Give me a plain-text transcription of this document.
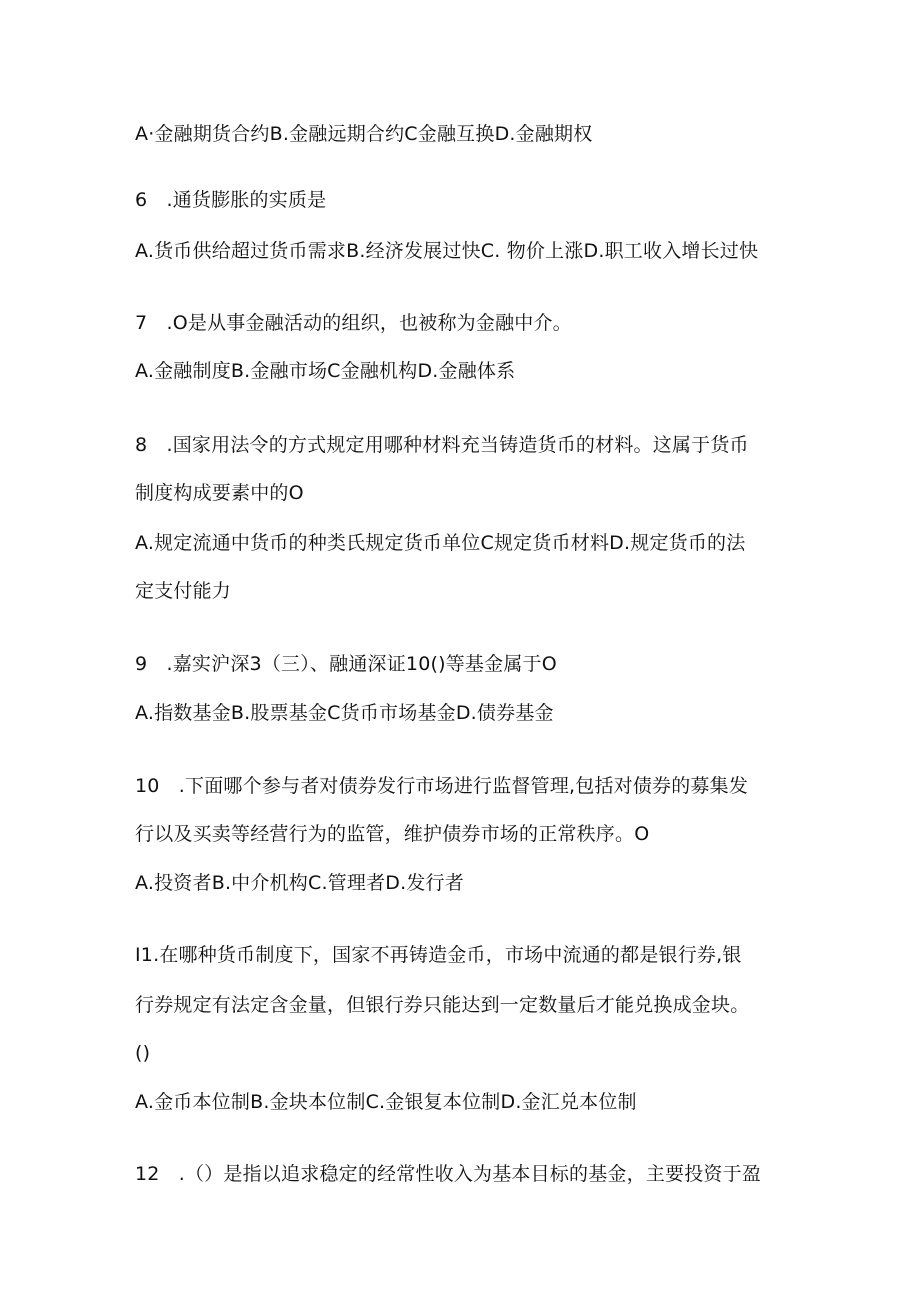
A·金融期货合约B.金融远期合约C金融互换D.金融期权
6　.通货膨胀的实质是
A.货币供给超过货币需求B.经济发展过快C. 物价上涨D.职工收入增长过快
7　.O是从事金融活动的组织，也被称为金融中介。
A.金融制度B.金融市场C金融机构D.金融体系
8　.国家用法令的方式规定用哪种材料充当铸造货币的材料。这属于货币
制度构成要素中的O
A.规定流通中货币的种类氏规定货币单位C规定货币材料D.规定货币的法
定支付能力
9　.嘉实沪深3（三）、融通深证10()等基金属于O
A.指数基金B.股票基金C货币市场基金D.债券基金
10　.下面哪个参与者对债券发行市场进行监督管理,包括对债券的募集发
行以及买卖等经营行为的监管，维护债券市场的正常秩序。O
A.投资者B.中介机构C.管理者D.发行者
I1.在哪种货币制度下，国家不再铸造金币，市场中流通的都是银行券,银
行券规定有法定含金量，但银行券只能达到一定数量后才能兑换成金块。
()
A.金币本位制B.金块本位制C.金银复本位制D.金汇兑本位制
12　.（）是指以追求稳定的经常性收入为基本目标的基金，主要投资于盈
